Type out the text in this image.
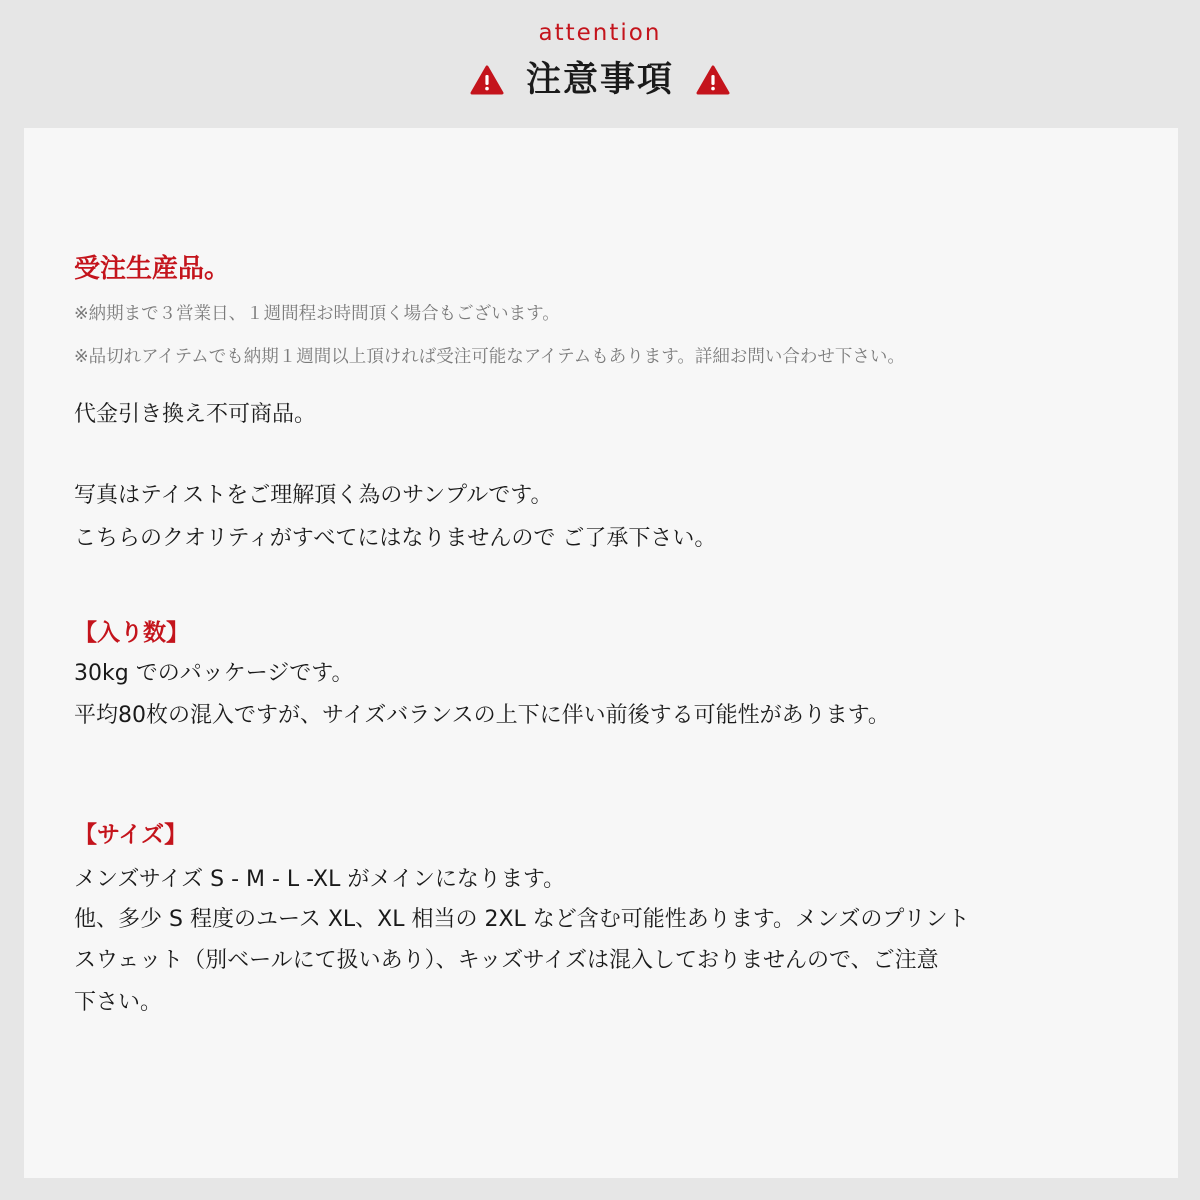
attention
注意事項
受注生産品。
※納期まで３営業日、１週間程お時間頂く場合もございます。
※品切れアイテムでも納期１週間以上頂ければ受注可能なアイテムもあります。詳細お問い合わせ下さい。
代金引き換え不可商品。
写真はテイストをご理解頂く為のサンプルです。
こちらのクオリティがすべてにはなりませんので ご了承下さい。
【入り数】
30kg でのパッケージです。
平均80枚の混入ですが、サイズバランスの上下に伴い前後する可能性があります。
【サイズ】
メンズサイズ S - M - L -XL がメインになります。
他、多少 S 程度のユース XL、XL 相当の 2XL など含む可能性あります。メンズのプリント
スウェット（別ベールにて扱いあり）、キッズサイズは混入しておりませんので、ご注意
下さい。
